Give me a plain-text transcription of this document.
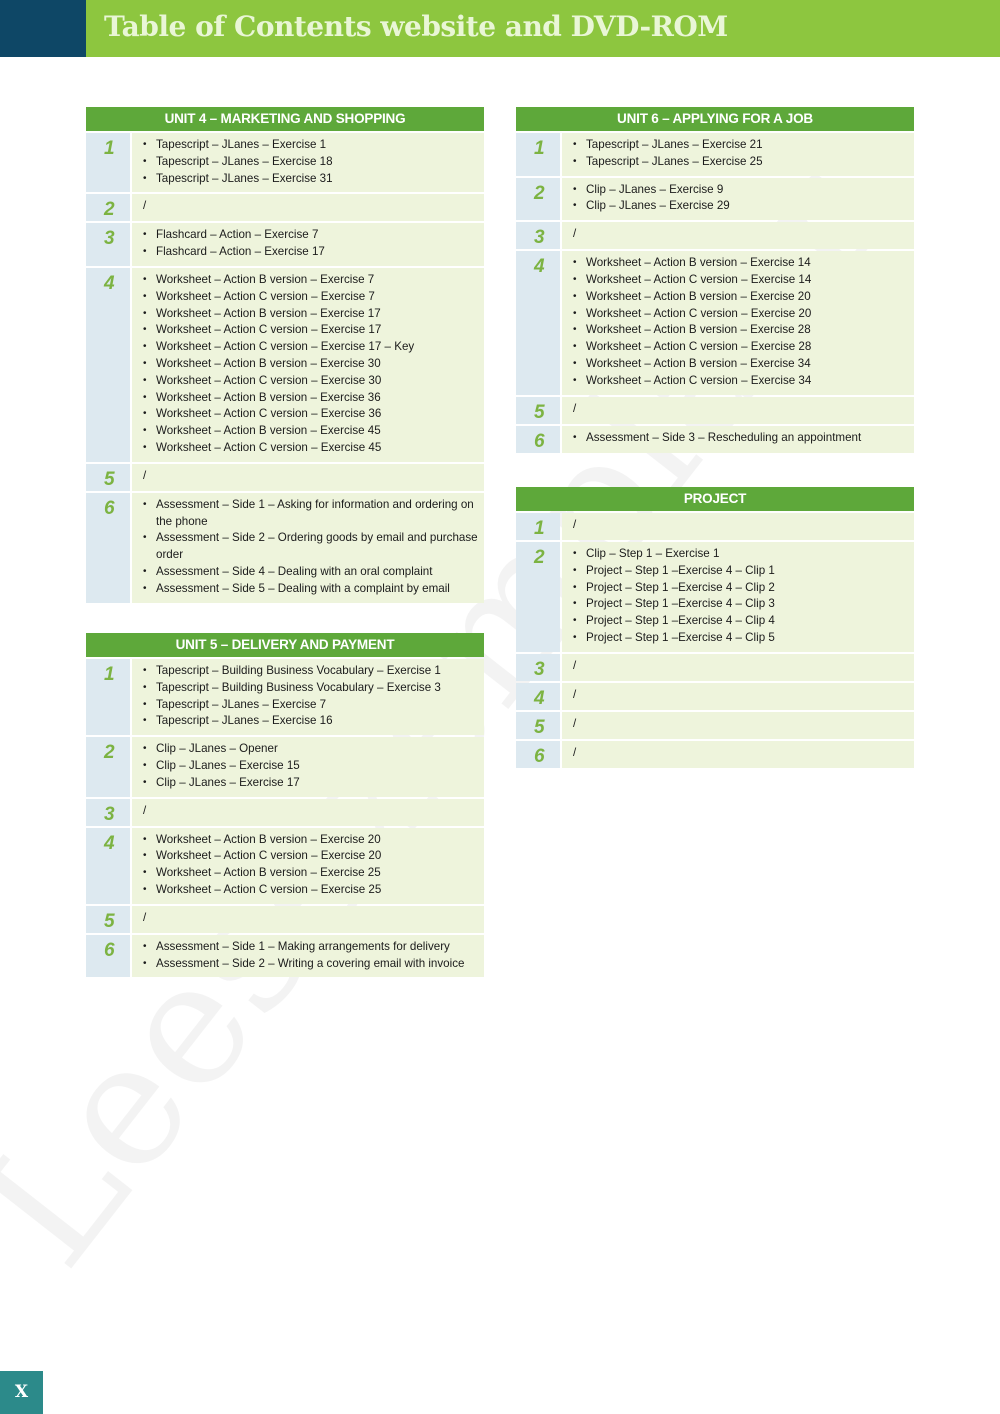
Table of Contents website and DVD-ROM
UNIT 4 – MARKETING AND SHOPPING
1	• Tapescript – JLanes – Exercise 1
• Tapescript – JLanes – Exercise 18
• Tapescript – JLanes – Exercise 31
2	/
3	• Flashcard – Action – Exercise 7
• Flashcard – Action – Exercise 17
4	• Worksheet – Action B version – Exercise 7
• Worksheet – Action C version – Exercise 7
• Worksheet – Action B version – Exercise 17
• Worksheet – Action C version – Exercise 17
• Worksheet – Action C version – Exercise 17 – Key
• Worksheet – Action B version – Exercise 30
• Worksheet – Action C version – Exercise 30
• Worksheet – Action B version – Exercise 36
• Worksheet – Action C version – Exercise 36
• Worksheet – Action B version – Exercise 45
• Worksheet – Action C version – Exercise 45
5	/
6	• Assessment – Side 1 – Asking for information and ordering on the phone
• Assessment – Side 2 – Ordering goods by email and purchase order
• Assessment – Side 4 – Dealing with an oral complaint
• Assessment – Side 5 – Dealing with a complaint by email
UNIT 5 – DELIVERY AND PAYMENT
1	• Tapescript – Building Business Vocabulary – Exercise 1
• Tapescript – Building Business Vocabulary – Exercise 3
• Tapescript – JLanes – Exercise 7
• Tapescript – JLanes – Exercise 16
2	• Clip – JLanes – Opener
• Clip – JLanes – Exercise 15
• Clip – JLanes – Exercise 17
3	/
4	• Worksheet – Action B version – Exercise 20
• Worksheet – Action C version – Exercise 20
• Worksheet – Action B version – Exercise 25
• Worksheet – Action C version – Exercise 25
5	/
6	• Assessment – Side 1 – Making arrangements for delivery
• Assessment – Side 2 – Writing a covering email with invoice
UNIT 6 – APPLYING FOR A JOB
1	• Tapescript – JLanes – Exercise 21
• Tapescript – JLanes – Exercise 25
2	• Clip – JLanes – Exercise 9
• Clip – JLanes – Exercise 29
3	/
4	• Worksheet – Action B version – Exercise 14
• Worksheet – Action C version – Exercise 14
• Worksheet – Action B version – Exercise 20
• Worksheet – Action C version – Exercise 20
• Worksheet – Action B version – Exercise 28
• Worksheet – Action C version – Exercise 28
• Worksheet – Action B version – Exercise 34
• Worksheet – Action C version – Exercise 34
5	/
6	• Assessment – Side 3 – Rescheduling an appointment
PROJECT
1	/
2	• Clip – Step 1 – Exercise 1
• Project – Step 1 –Exercise 4 – Clip 1
• Project – Step 1 –Exercise 4 – Clip 2
• Project – Step 1 –Exercise 4 – Clip 3
• Project – Step 1 –Exercise 4 – Clip 4
• Project – Step 1 –Exercise 4 – Clip 5
3	/
4	/
5	/
6	/
X
